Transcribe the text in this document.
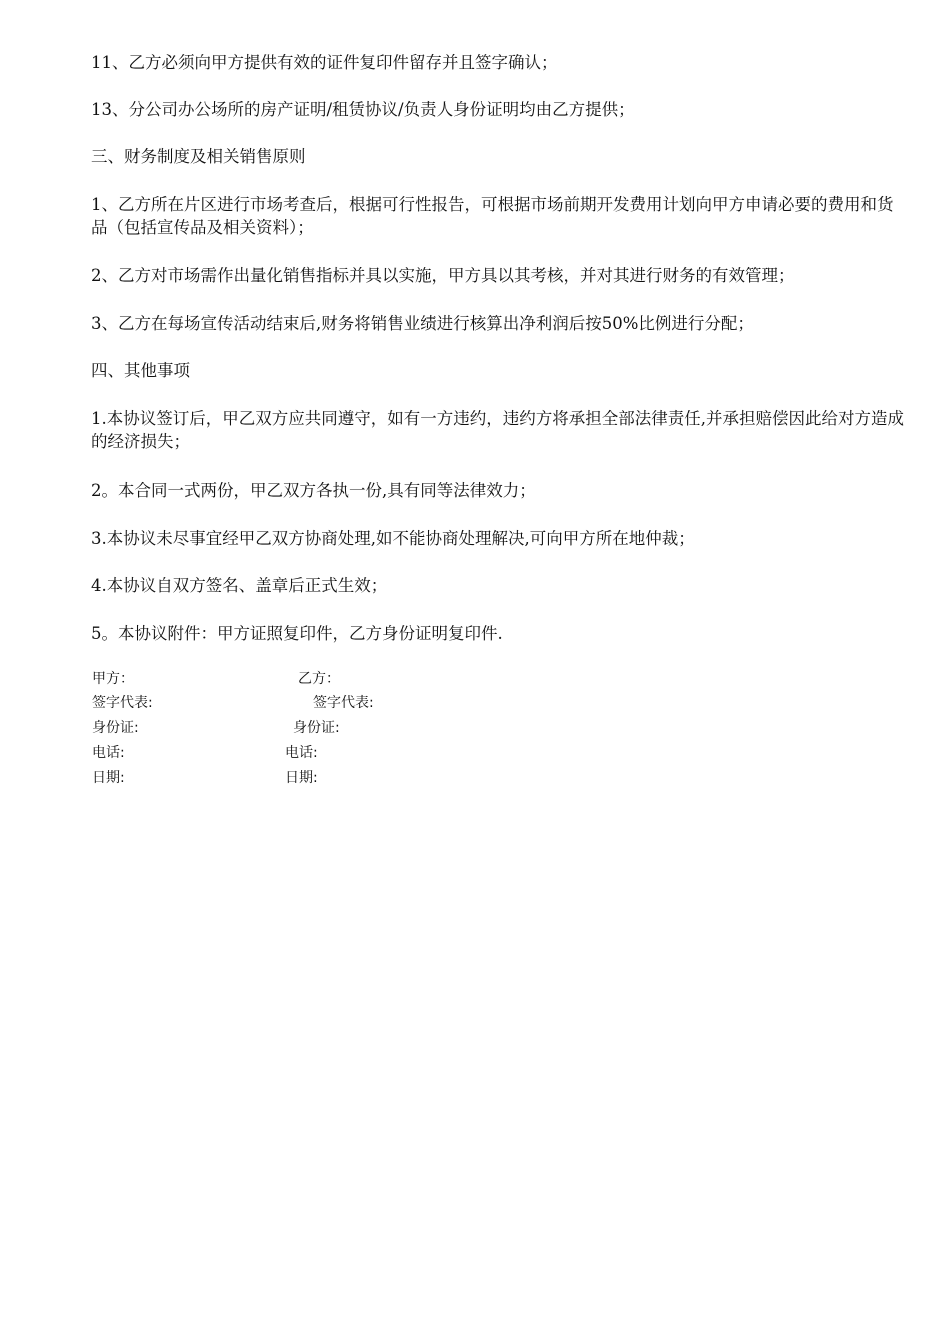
11、乙方必须向甲方提供有效的证件复印件留存并且签字确认；

13、分公司办公场所的房产证明/租赁协议/负责人身份证明均由乙方提供；

三、财务制度及相关销售原则

1、乙方所在片区进行市场考查后，根据可行性报告，可根据市场前期开发费用计划向甲方申请必要的费用和货品（包括宣传品及相关资料）；

2、乙方对市场需作出量化销售指标并具以实施，甲方具以其考核，并对其进行财务的有效管理；

3、乙方在每场宣传活动结束后,财务将销售业绩进行核算出净利润后按50%比例进行分配；

四、其他事项

1.本协议签订后，甲乙双方应共同遵守，如有一方违约，违约方将承担全部法律责任,并承担赔偿因此给对方造成的经济损失；

2。本合同一式两份，甲乙双方各执一份,具有同等法律效力；

3.本协议未尽事宜经甲乙双方协商处理,如不能协商处理解决,可向甲方所在地仲裁；

4.本协议自双方签名、盖章后正式生效；

5。本协议附件：甲方证照复印件，乙方身份证明复印件.

甲方：

签字代表:

身份证:

电话:

日期:

乙方：

签字代表:

身份证:

电话:

日期:
